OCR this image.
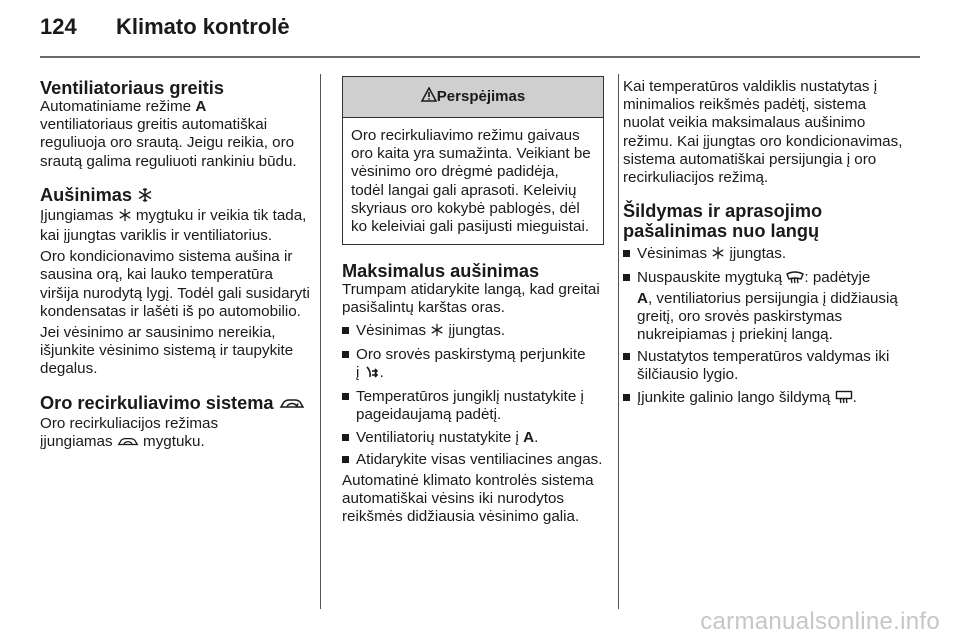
124 Klimato kontrolė
Ventiliatoriaus greitis

Automatiniame režime A
ventiliatoriaus greitis automatiškai reguliuoja oro srautą. Jeigu reikia, oro srautą galima reguliuoti rankiniu būdu.

Aušinimas

Įjungiamas  mygtuku ir veikia tik tada, kai įjungtas variklis ir ventiliatorius.

Oro kondicionavimo sistema aušina ir sausina orą, kai lauko temperatūra viršija nurodytą lygį. Todėl gali susidaryti kondensatas ir lašėti iš po automobilio.

Jei vėsinimo ar sausinimo nereikia, išjunkite vėsinimo sistemą ir taupykite degalus.

Oro recirkuliavimo sistema

Oro recirkuliacijos režimas
įjungiamas  mygtuku.

Perspėjimas
Oro recirkuliavimo režimu gaivaus oro kaita yra sumažinta. Veikiant be vėsinimo oro drėgmė padidėja, todėl langai gali aprasoti. Keleivių skyriaus oro kokybė pablogės, dėl ko keleiviai gali pasijusti mieguistai.
Maksimalus aušinimas

Trumpam atidarykite langą, kad greitai pasišalintų karštas oras.

Vėsinimas  įjungtas.
Oro srovės paskirstymą perjunkite
į .
Temperatūros jungiklį nustatykite į pageidaujamą padėtį.
Ventiliatorių nustatykite į A.
Atidarykite visas ventiliacines angas.

Automatinė klimato kontrolės sistema automatiškai vėsins iki nurodytos reikšmės didžiausia vėsinimo galia.

Kai temperatūros valdiklis nustatytas į minimalios reikšmės padėtį, sistema nuolat veikia maksimalaus aušinimo režimu. Kai įjungtas oro kondicionavimas, sistema automatiškai persijungia į oro recirkuliacijos režimą.

Šildymas ir aprasojimo pašalinimas nuo langų
Vėsinimas  įjungtas.
Nuspauskite mygtuką : padėtyje
A, ventiliatorius persijungia į didžiausią greitį, oro srovės paskirstymas nukreipiamas į priekinį langą.
Nustatytos temperatūros valdymas iki šilčiausio lygio.
Įjunkite galinio lango šildymą .
carmanualsonline.info
